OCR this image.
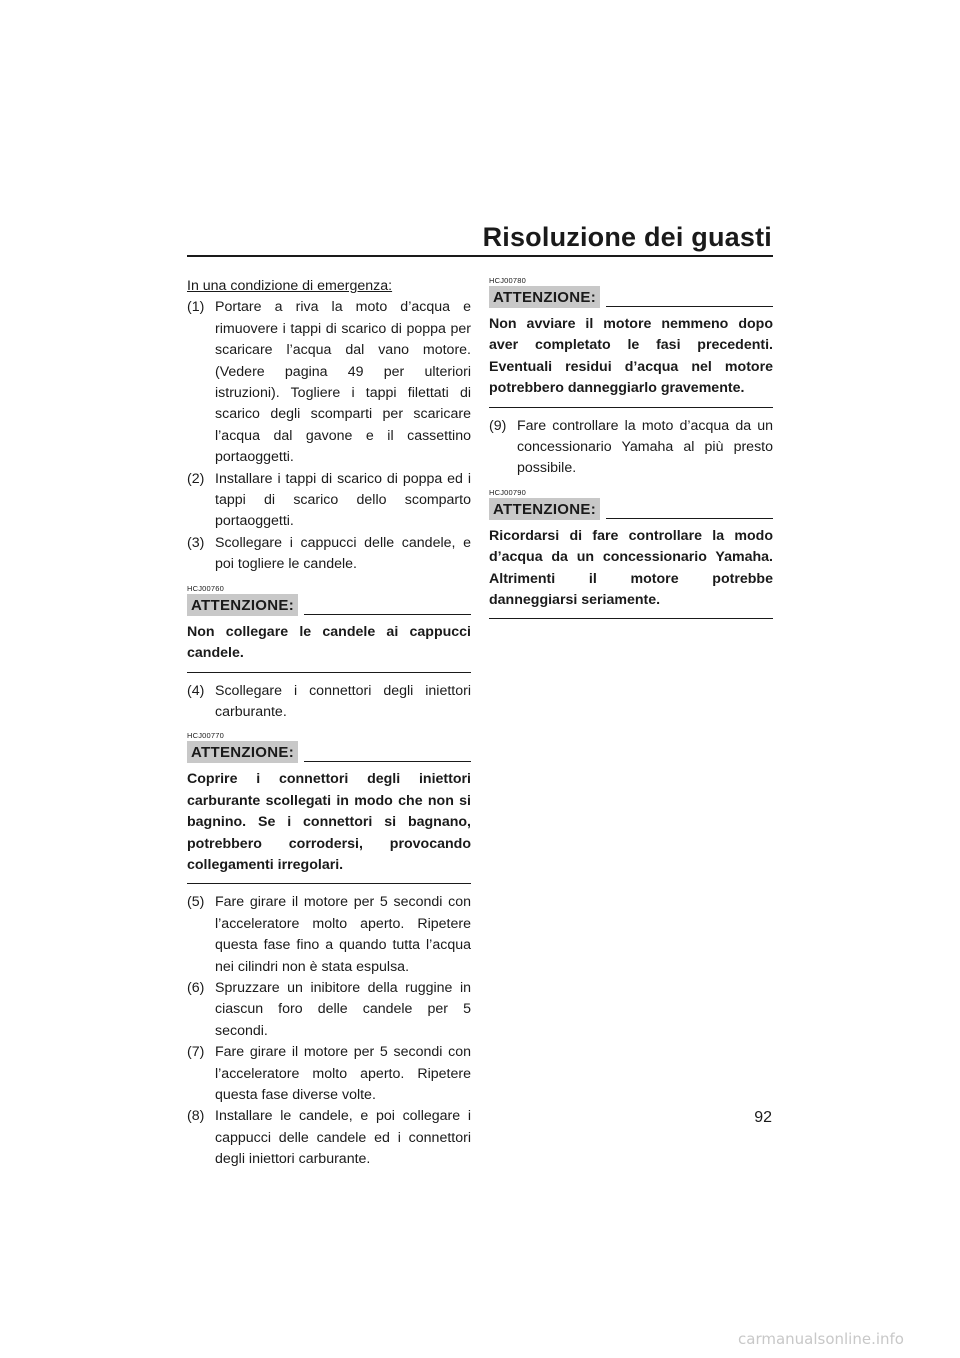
Risoluzione dei guasti

In una condizione di emergenza:

(1) Portare a riva la moto d’acqua e rimuovere i tappi di scarico di poppa per scaricare l’acqua dal vano motore. (Vedere pagina 49 per ulteriori istruzioni). Togliere i tappi filettati di scarico degli scomparti per scaricare l’acqua dal gavone e il cassettino portaoggetti.
(2) Installare i tappi di scarico di poppa ed i tappi di scarico dello scomparto portaoggetti.
(3) Scollegare i cappucci delle candele, e poi togliere le candele.
HCJ00760
ATTENZIONE:
Non collegare le candele ai cappucci candele.
(4) Scollegare i connettori degli iniettori carburante.
HCJ00770
ATTENZIONE:
Coprire i connettori degli iniettori carburante scollegati in modo che non si bagnino. Se i connettori si bagnano, potrebbero corrodersi, provocando collegamenti irregolari.
(5) Fare girare il motore per 5 secondi con l’acceleratore molto aperto. Ripetere questa fase fino a quando tutta l’acqua nei cilindri non è stata espulsa.
(6) Spruzzare un inibitore della ruggine in ciascun foro delle candele per 5 secondi.
(7) Fare girare il motore per 5 secondi con l’acceleratore molto aperto. Ripetere questa fase diverse volte.
(8) Installare le candele, e poi collegare i cappucci delle candele ed i connettori degli iniettori carburante.
HCJ00780
ATTENZIONE:
Non avviare il motore nemmeno dopo aver completato le fasi precedenti. Eventuali residui d’acqua nel motore potrebbero danneggiarlo gravemente.
(9) Fare controllare la moto d’acqua da un concessionario Yamaha al più presto possibile.
HCJ00790
ATTENZIONE:
Ricordarsi di fare controllare la modo d’acqua da un concessionario Yamaha. Altrimenti il motore potrebbe danneggiarsi seriamente.

92

carmanualsonline.info
